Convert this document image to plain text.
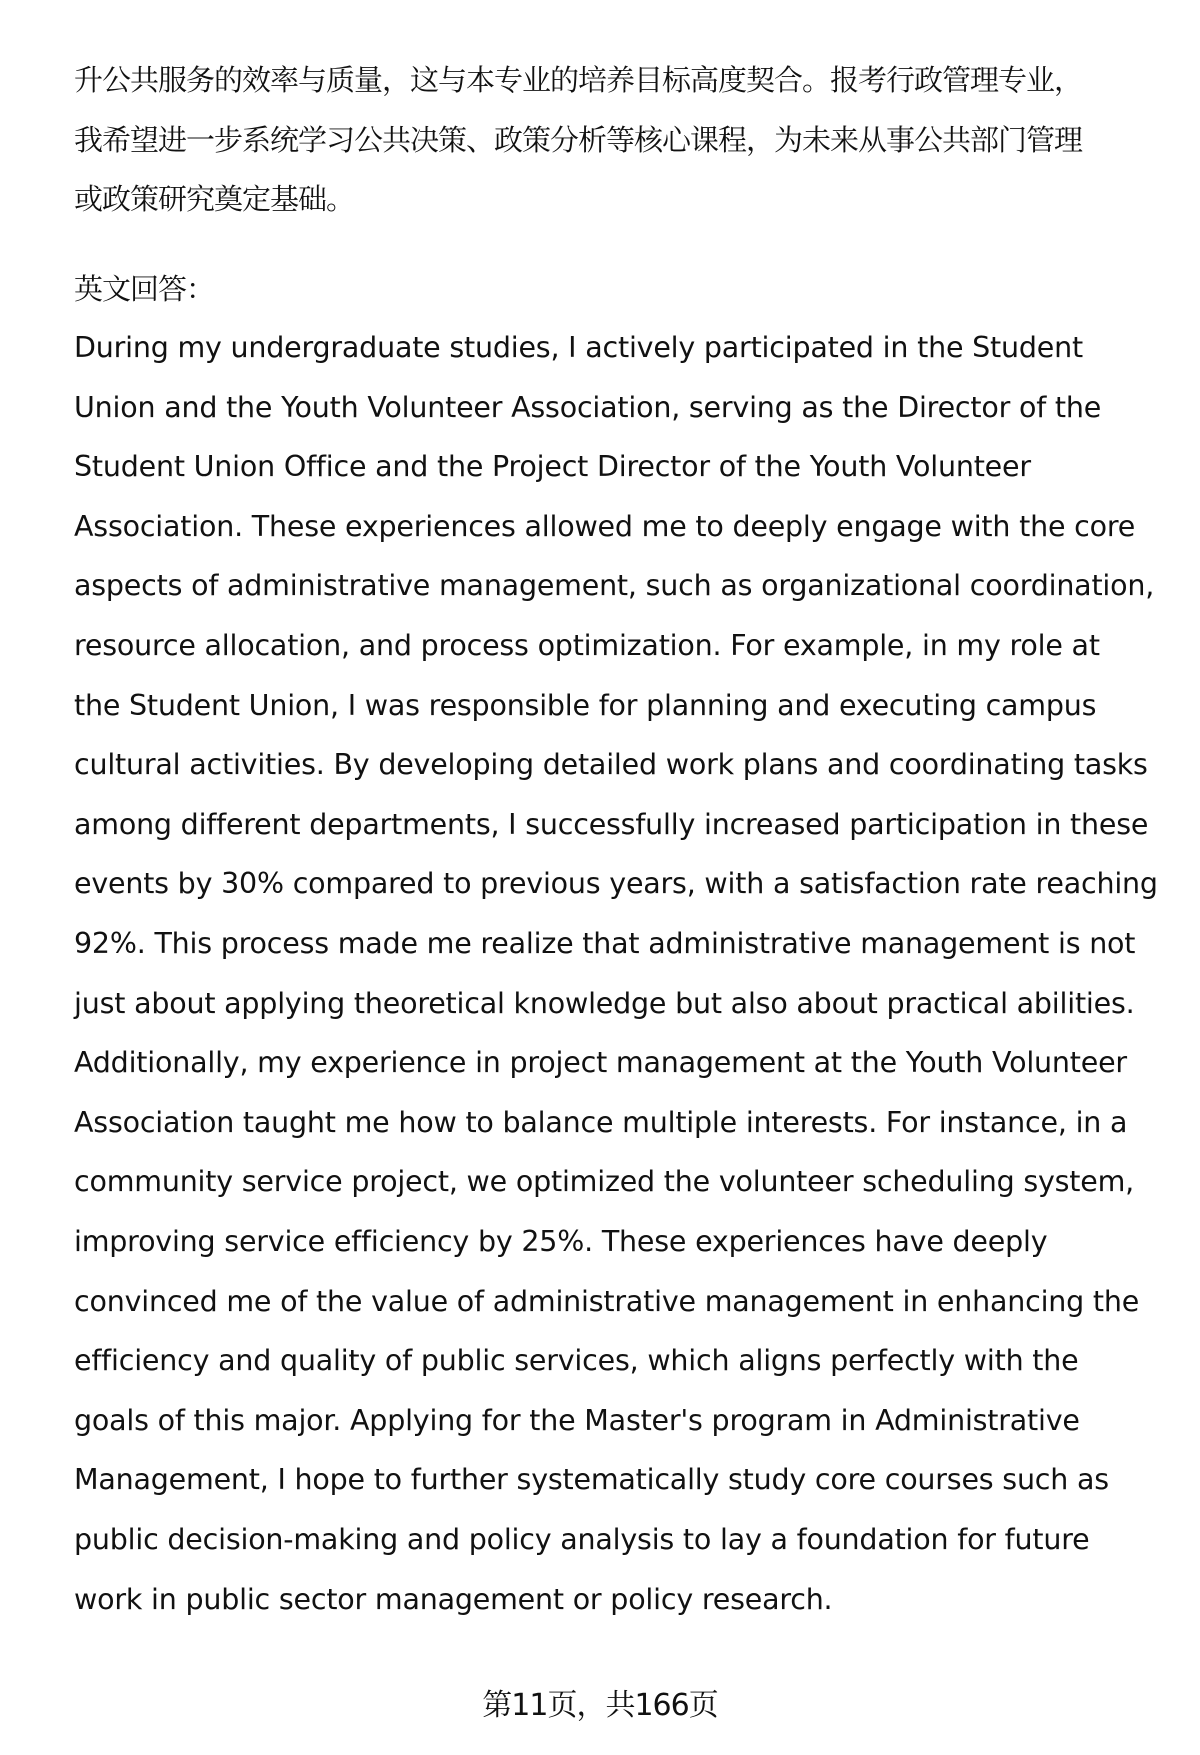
升公共服务的效率与质量，这与本专业的培养目标高度契合。报考行政管理专业，
我希望进一步系统学习公共决策、政策分析等核心课程，为未来从事公共部门管理
或政策研究奠定基础。
英文回答：
During my undergraduate studies, I actively participated in the Student
Union and the Youth Volunteer Association, serving as the Director of the
Student Union Office and the Project Director of the Youth Volunteer
Association. These experiences allowed me to deeply engage with the core
aspects of administrative management, such as organizational coordination,
resource allocation, and process optimization. For example, in my role at
the Student Union, I was responsible for planning and executing campus
cultural activities. By developing detailed work plans and coordinating tasks
among different departments, I successfully increased participation in these
events by 30% compared to previous years, with a satisfaction rate reaching
92%. This process made me realize that administrative management is not
just about applying theoretical knowledge but also about practical abilities.
Additionally, my experience in project management at the Youth Volunteer
Association taught me how to balance multiple interests. For instance, in a
community service project, we optimized the volunteer scheduling system,
improving service efficiency by 25%. These experiences have deeply
convinced me of the value of administrative management in enhancing the
efficiency and quality of public services, which aligns perfectly with the
goals of this major. Applying for the Master's program in Administrative
Management, I hope to further systematically study core courses such as
public decision-making and policy analysis to lay a foundation for future
work in public sector management or policy research.
第11页，共166页
